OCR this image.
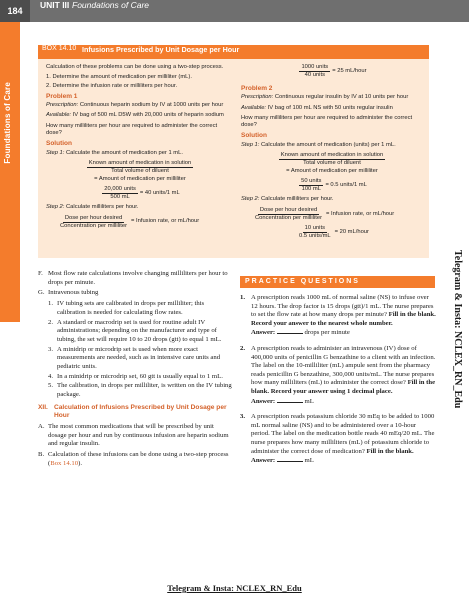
184
UNIT III Foundations of Care
Foundations of Care
BOX 14.10 Infusions Prescribed by Unit Dosage per Hour

Calculation of these problems can be done using a two-step process.

1. Determine the amount of medication per milliliter (mL).

2. Determine the infusion rate or milliliters per hour.

Problem 1

Prescription: Continuous heparin sodium by IV at 1000 units per hour

Available: IV bag of 500 mL D5W with 20,000 units of heparin sodium

How many milliliters per hour are required to administer the correct dose?

Solution

Step 1: Calculate the amount of medication per 1 mL.

$\frac{\text{Known amount of medication in solution}}{\text{Total volume of diluent}}$
= Amount of medication per milliliter
$\frac{\text{20,000 units}}{500 mL} = 40$ units/1 mL

Step 2: Calculate milliliters per hour.

$\frac{\text{Dose per hour desired}}{\text{Concentration per milliliter}}$ = Infusion rate, or mL/hour
$\frac{\text{1000 units}}{\text{40 units}} = 25$ mL/hour
Problem 2

Prescription: Continuous regular insulin by IV at 10 units per hour

Available: IV bag of 100 mL NS with 50 units regular insulin

How many milliliters per hour are required to administer the correct dose?

Solution

Step 1: Calculate the amount of medication (units) per 1 mL.

$\frac{\text{Known amount of medication in solution}}{\text{Total volume of diluent}}$
= Amount of medication per milliliter
$\frac{\text{50 units}}{100 mL} = 0.5$ units/1 mL

Step 2: Calculate milliliters per hour.

$\frac{\text{Dose per hour desired}}{\text{Concentration per milliliter}}$ = Infusion rate, or mL/hour
$\frac{\text{10 units}}{\text{0.5 units/mL}} = 20$ mL/hour
F. Most flow rate calculations involve changing milliliters per hour to drops per minute.
G. Intravenous tubing
1. IV tubing sets are calibrated in drops per milliliter; this calibration is needed for calculating flow rates.
2. A standard or macrodrip set is used for routine adult IV administrations; depending on the manufacturer and type of tubing, the set will require 10 to 20 drops (gtt) to equal 1 mL.
3. A minidrip or microdrip set is used when more exact measurements are needed, such as in intensive care units and pediatric units.
4. In a minidrip or microdrip set, 60 gtt is usually equal to 1 mL.
5. The calibration, in drops per milliliter, is written on the IV tubing package.
XII. Calculation of Infusions Prescribed by Unit Dosage per Hour
A. The most common medications that will be prescribed by unit dosage per hour and run by continuous infusion are heparin sodium and regular insulin.
B. Calculation of these infusions can be done using a two-step process (Box 14.10).
PRACTICE QUESTIONS
1. A prescription reads 1000 mL of normal saline (NS) to infuse over 12 hours. The drop factor is 15 drops (gtt)/1 mL. The nurse prepares to set the flow rate at how many drops per minute? Fill in the blank. Record your answer to the nearest whole number.
Answer:	drops per minute
2. A prescription reads to administer an intravenous (IV) dose of 400,000 units of penicillin G benzathine to a client with an infection. The label on the 10-milliliter (mL) ampule sent from the pharmacy reads penicillin G benzathine, 300,000 units/mL. The nurse prepares how many milliliters (mL) to administer the correct dose? Fill in the blank. Record your answer using 1 decimal place.
Answer:	mL
3. A prescription reads potassium chloride 30 mEq to be added to 1000 mL normal saline (NS) and to be administered over a 10-hour period. The label on the medication bottle reads 40 mEq/20 mL. The nurse prepares how many milliliters (mL) of potassium chloride to administer the correct dose of medication? Fill in the blank.
Answer:	mL
Telegram & Insta: NCLEX_RN_Edu
Telegram & Insta: NCLEX_RN_Edu
